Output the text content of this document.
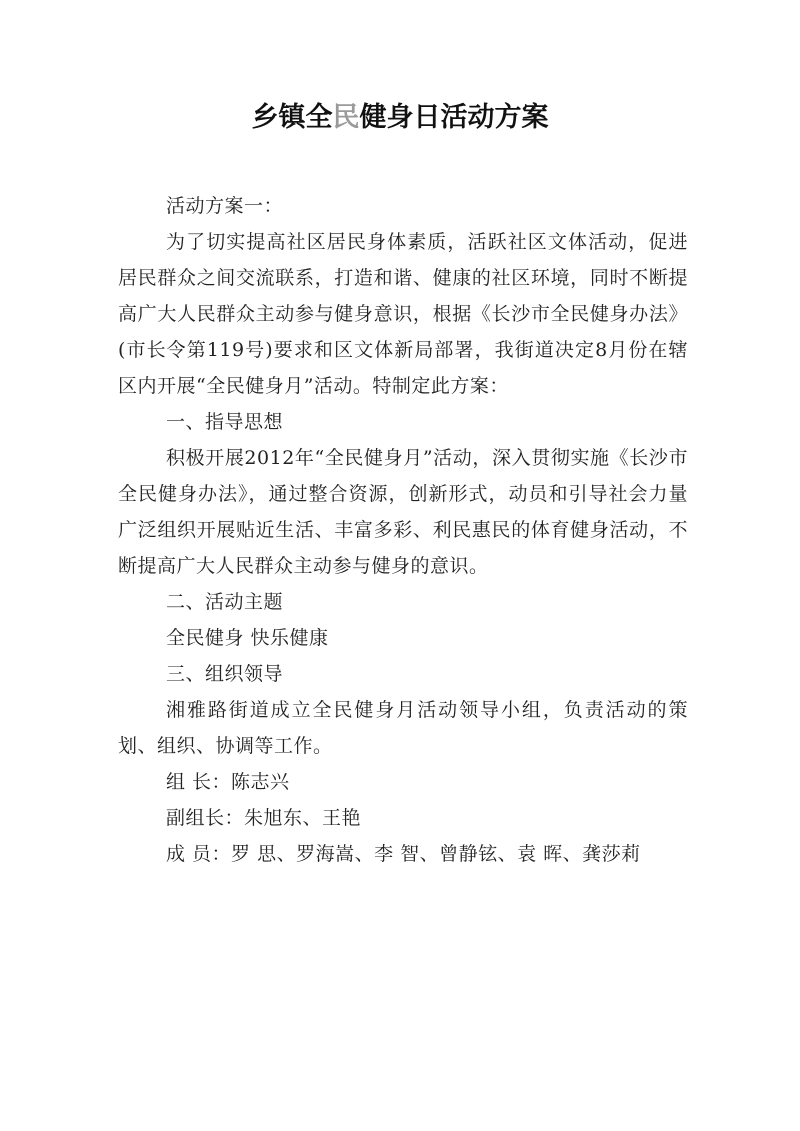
乡镇全民健身日活动方案

活动方案一：

为了切实提高社区居民身体素质，活跃社区文体活动，促进居民群众之间交流联系，打造和谐、健康的社区环境，同时不断提高广大人民群众主动参与健身意识，根据《长沙市全民健身办法》(市长令第119号)要求和区文体新局部署，我街道决定8月份在辖区内开展“全民健身月”活动。特制定此方案：

一、指导思想

积极开展2012年“全民健身月”活动，深入贯彻实施《长沙市全民健身办法》，通过整合资源，创新形式，动员和引导社会力量广泛组织开展贴近生活、丰富多彩、利民惠民的体育健身活动，不断提高广大人民群众主动参与健身的意识。

二、活动主题

全民健身 快乐健康

三、组织领导

湘雅路街道成立全民健身月活动领导小组，负责活动的策划、组织、协调等工作。

组 长：陈志兴

副组长：朱旭东、王艳

成 员：罗 思、罗海嵩、李 智、曾静铉、袁 晖、龚莎莉
